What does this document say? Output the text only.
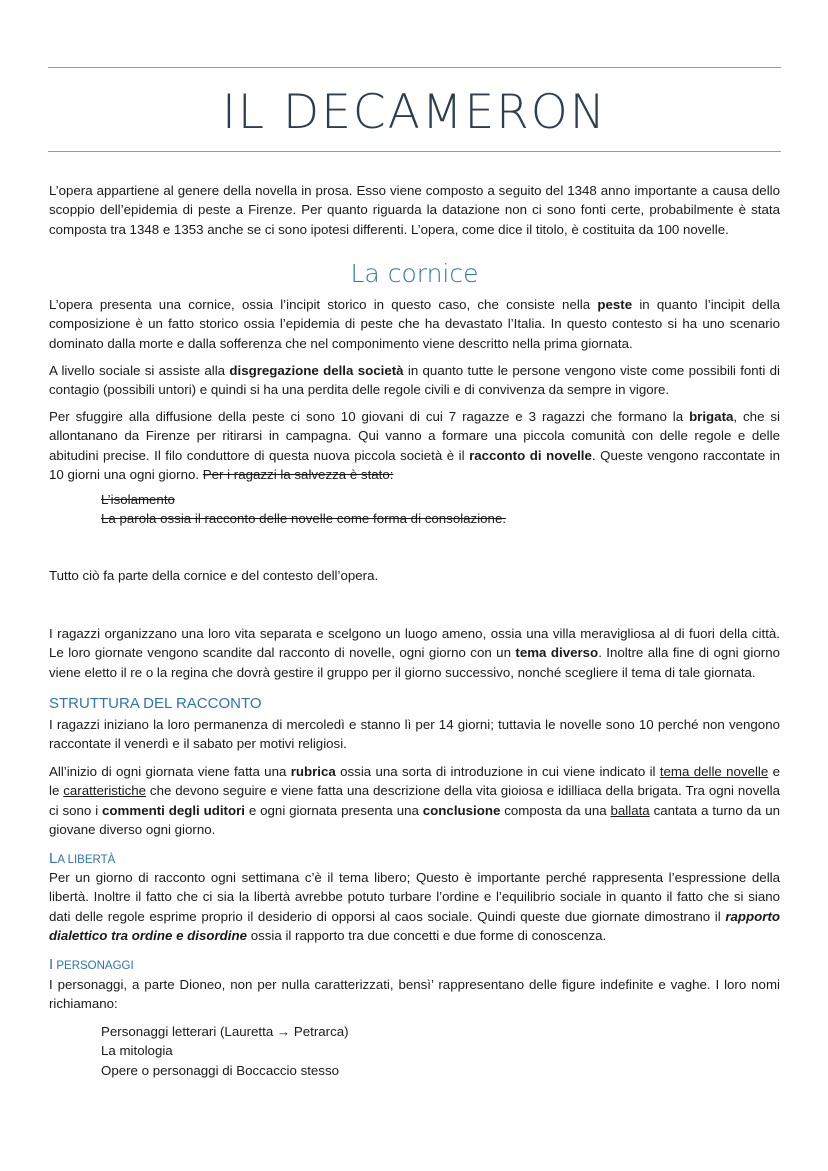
IL DECAMERON

L’opera appartiene al genere della novella in prosa. Esso viene composto a seguito del 1348 anno importante a causa dello scoppio dell’epidemia di peste a Firenze. Per quanto riguarda la datazione non ci sono fonti certe, probabilmente è stata composta tra 1348 e 1353 anche se ci sono ipotesi differenti. L’opera, come dice il titolo, è costituita da 100 novelle.

La cornice

L’opera presenta una cornice, ossia l’incipit storico in questo caso, che consiste nella peste in quanto l’incipit della composizione è un fatto storico ossia l’epidemia di peste che ha devastato l’Italia. In questo contesto si ha uno scenario dominato dalla morte e dalla sofferenza che nel componimento viene descritto nella prima giornata.

A livello sociale si assiste alla disgregazione della società in quanto tutte le persone vengono viste come possibili fonti di contagio (possibili untori) e quindi si ha una perdita delle regole civili e di convivenza da sempre in vigore.

Per sfuggire alla diffusione della peste ci sono 10 giovani di cui 7 ragazze e 3 ragazzi che formano la brigata, che si allontanano da Firenze per ritirarsi in campagna. Qui vanno a formare una piccola comunità con delle regole e delle abitudini precise. Il filo conduttore di questa nuova piccola società è il racconto di novelle. Queste vengono raccontate in 10 giorni una ogni giorno. Per i ragazzi la salvezza è stato:

L’isolamento
La parola ossia il racconto delle novelle come forma di consolazione.

Tutto ciò fa parte della cornice e del contesto dell’opera.

I ragazzi organizzano una loro vita separata e scelgono un luogo ameno, ossia una villa meravigliosa al di fuori della città. Le loro giornate vengono scandite dal racconto di novelle, ogni giorno con un tema diverso. Inoltre alla fine di ogni giorno viene eletto il re o la regina che dovrà gestire il gruppo per il giorno successivo, nonché scegliere il tema di tale giornata.

STRUTTURA DEL RACCONTO

I ragazzi iniziano la loro permanenza di mercoledì e stanno lì per 14 giorni; tuttavia le novelle sono 10 perché non vengono raccontate il venerdì e il sabato per motivi religiosi.

All’inizio di ogni giornata viene fatta una rubrica ossia una sorta di introduzione in cui viene indicato il tema delle novelle e le caratteristiche che devono seguire e viene fatta una descrizione della vita gioiosa e idilliaca della brigata. Tra ogni novella ci sono i commenti degli uditori e ogni giornata presenta una conclusione composta da una ballata cantata a turno da un giovane diverso ogni giorno.

LA LIBERTÀ

Per un giorno di racconto ogni settimana c’è il tema libero; Questo è importante perché rappresenta l’espressione della libertà. Inoltre il fatto che ci sia la libertà avrebbe potuto turbare l’ordine e l’equilibrio sociale in quanto il fatto che si siano dati delle regole esprime proprio il desiderio di opporsi al caos sociale. Quindi queste due giornate dimostrano il rapporto dialettico tra ordine e disordine ossia il rapporto tra due concetti e due forme di conoscenza.

I PERSONAGGI

I personaggi, a parte Dioneo, non per nulla caratterizzati, bensì’ rappresentano delle figure indefinite e vaghe. I loro nomi richiamano:

Personaggi letterari (Lauretta → Petrarca)
La mitologia
Opere o personaggi di Boccaccio stesso
